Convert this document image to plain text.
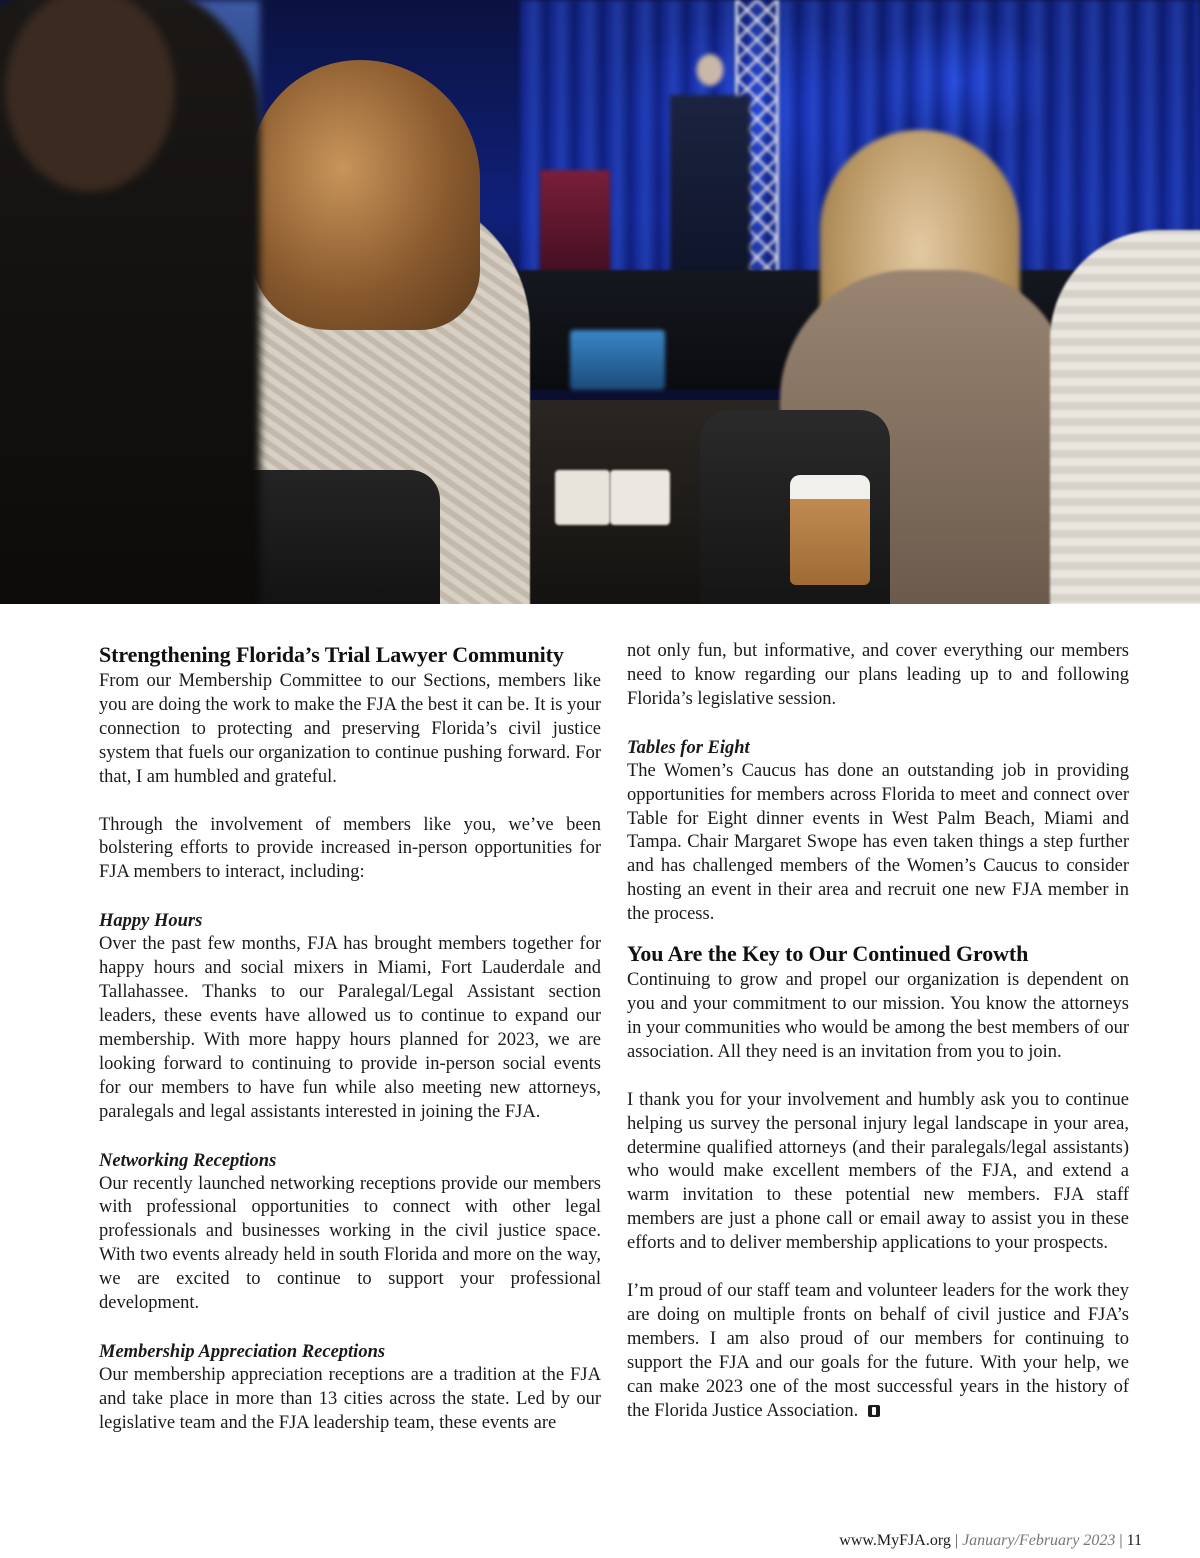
Strengthening Florida’s Trial Lawyer Community

From our Membership Committee to our Sections, members like you are doing the work to make the FJA the best it can be. It is your connection to protecting and preserving Florida’s civil justice system that fuels our organization to continue pushing forward. For that, I am humbled and grateful.

Through the involvement of members like you, we’ve been bolstering efforts to provide increased in-person opportunities for FJA members to interact, including:

Happy Hours

Over the past few months, FJA has brought members together for happy hours and social mixers in Miami, Fort Lauderdale and Tallahassee. Thanks to our Paralegal/Legal Assistant section leaders, these events have allowed us to continue to expand our membership. With more happy hours planned for 2023, we are looking forward to continuing to provide in-person social events for our members to have fun while also meeting new attorneys, paralegals and legal assistants interested in joining the FJA.

Networking Receptions

Our recently launched networking receptions provide our members with professional opportunities to connect with other legal professionals and businesses working in the civil justice space. With two events already held in south Florida and more on the way, we are excited to continue to support your professional development.

Membership Appreciation Receptions

Our membership appreciation receptions are a tradition at the FJA and take place in more than 13 cities across the state. Led by our legislative team and the FJA leadership team, these events are

not only fun, but informative, and cover everything our members need to know regarding our plans leading up to and following Florida’s legislative session.

Tables for Eight

The Women’s Caucus has done an outstanding job in providing opportunities for members across Florida to meet and connect over Table for Eight dinner events in West Palm Beach, Miami and Tampa. Chair Margaret Swope has even taken things a step further and has challenged members of the Women’s Caucus to consider hosting an event in their area and recruit one new FJA member in the process.

You Are the Key to Our Continued Growth

Continuing to grow and propel our organization is dependent on you and your commitment to our mission. You know the attorneys in your communities who would be among the best members of our association. All they need is an invitation from you to join.

I thank you for your involvement and humbly ask you to continue helping us survey the personal injury legal landscape in your area, determine qualified attorneys (and their paralegals/legal assistants) who would make excellent members of the FJA, and extend a warm invitation to these potential new members. FJA staff members are just a phone call or email away to assist you in these efforts and to deliver membership applications to your prospects.

I’m proud of our staff team and volunteer leaders for the work they are doing on multiple fronts on behalf of civil justice and FJA’s members. I am also proud of our members for continuing to support the FJA and our goals for the future. With your help, we can make 2023 one of the most successful years in the history of the Florida Justice Association.

www.MyFJA.org | January/February 2023 | 11
